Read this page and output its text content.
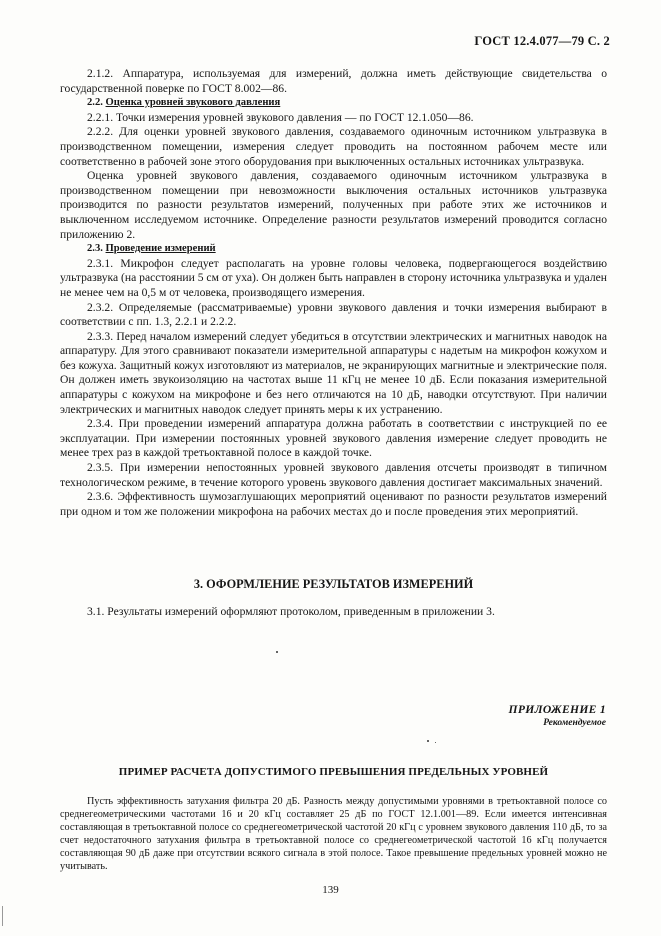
ГОСТ 12.4.077—79 С. 2

2.1.2. Аппаратура, используемая для измерений, должна иметь действующие свидетельства о государственной поверке по ГОСТ 8.002—86.

2.2. Оценка уровней звукового давления

2.2.1. Точки измерения уровней звукового давления — по ГОСТ 12.1.050—86.

2.2.2. Для оценки уровней звукового давления, создаваемого одиночным источником ультразвука в производственном помещении, измерения следует проводить на постоянном рабочем месте или соответственно в рабочей зоне этого оборудования при выключенных остальных источниках ультразвука.

Оценка уровней звукового давления, создаваемого одиночным источником ультразвука в производственном помещении при невозможности выключения остальных источников ультразвука производится по разности результатов измерений, полученных при работе этих же источников и выключенном исследуемом источнике. Определение разности результатов измерений проводится согласно приложению 2.

2.3. Проведение измерений

2.3.1. Микрофон следует располагать на уровне головы человека, подвергающегося воздействию ультразвука (на расстоянии 5 см от уха). Он должен быть направлен в сторону источника ультразвука и удален не менее чем на 0,5 м от человека, производящего измерения.

2.3.2. Определяемые (рассматриваемые) уровни звукового давления и точки измерения выбирают в соответствии с пп. 1.3, 2.2.1 и 2.2.2.

2.3.3. Перед началом измерений следует убедиться в отсутствии электрических и магнитных наводок на аппаратуру. Для этого сравнивают показатели измерительной аппаратуры с надетым на микрофон кожухом и без кожуха. Защитный кожух изготовляют из материалов, не экранирующих магнитные и электрические поля. Он должен иметь звукоизоляцию на частотах выше 11 кГц не менее 10 дБ. Если показания измерительной аппаратуры с кожухом на микрофоне и без него отличаются на 10 дБ, наводки отсутствуют. При наличии электрических и магнитных наводок следует принять меры к их устранению.

2.3.4. При проведении измерений аппаратура должна работать в соответствии с инструкцией по ее эксплуатации. При измерении постоянных уровней звукового давления измерение следует проводить не менее трех раз в каждой третьоктавной полосе в каждой точке.

2.3.5. При измерении непостоянных уровней звукового давления отсчеты производят в типичном технологическом режиме, в течение которого уровень звукового давления достигает максимальных значений.

2.3.6. Эффективность шумозаглушающих мероприятий оценивают по разности результатов измерений при одном и том же положении микрофона на рабочих местах до и после проведения этих мероприятий.

3. ОФОРМЛЕНИЕ РЕЗУЛЬТАТОВ ИЗМЕРЕНИЙ

3.1. Результаты измерений оформляют протоколом, приведенным в приложении 3.

ПРИЛОЖЕНИЕ 1
Рекомендуемое
ПРИМЕР РАСЧЕТА ДОПУСТИМОГО ПРЕВЫШЕНИЯ ПРЕДЕЛЬНЫХ УРОВНЕЙ

Пусть эффективность затухания фильтра 20 дБ. Разность между допустимыми уровнями в третьоктавной полосе со среднегеометрическими частотами 16 и 20 кГц составляет 25 дБ по ГОСТ 12.1.001—89. Если имеется интенсивная составляющая в третьоктавной полосе со среднегеометрической частотой 20 кГц с уровнем звукового давления 110 дБ, то за счет недостаточного затухания фильтра в третьоктавной полосе со среднегеометрической частотой 16 кГц получается составляющая 90 дБ даже при отсутствии всякого сигнала в этой полосе. Такое превышение предельных уровней можно не учитывать.

139
